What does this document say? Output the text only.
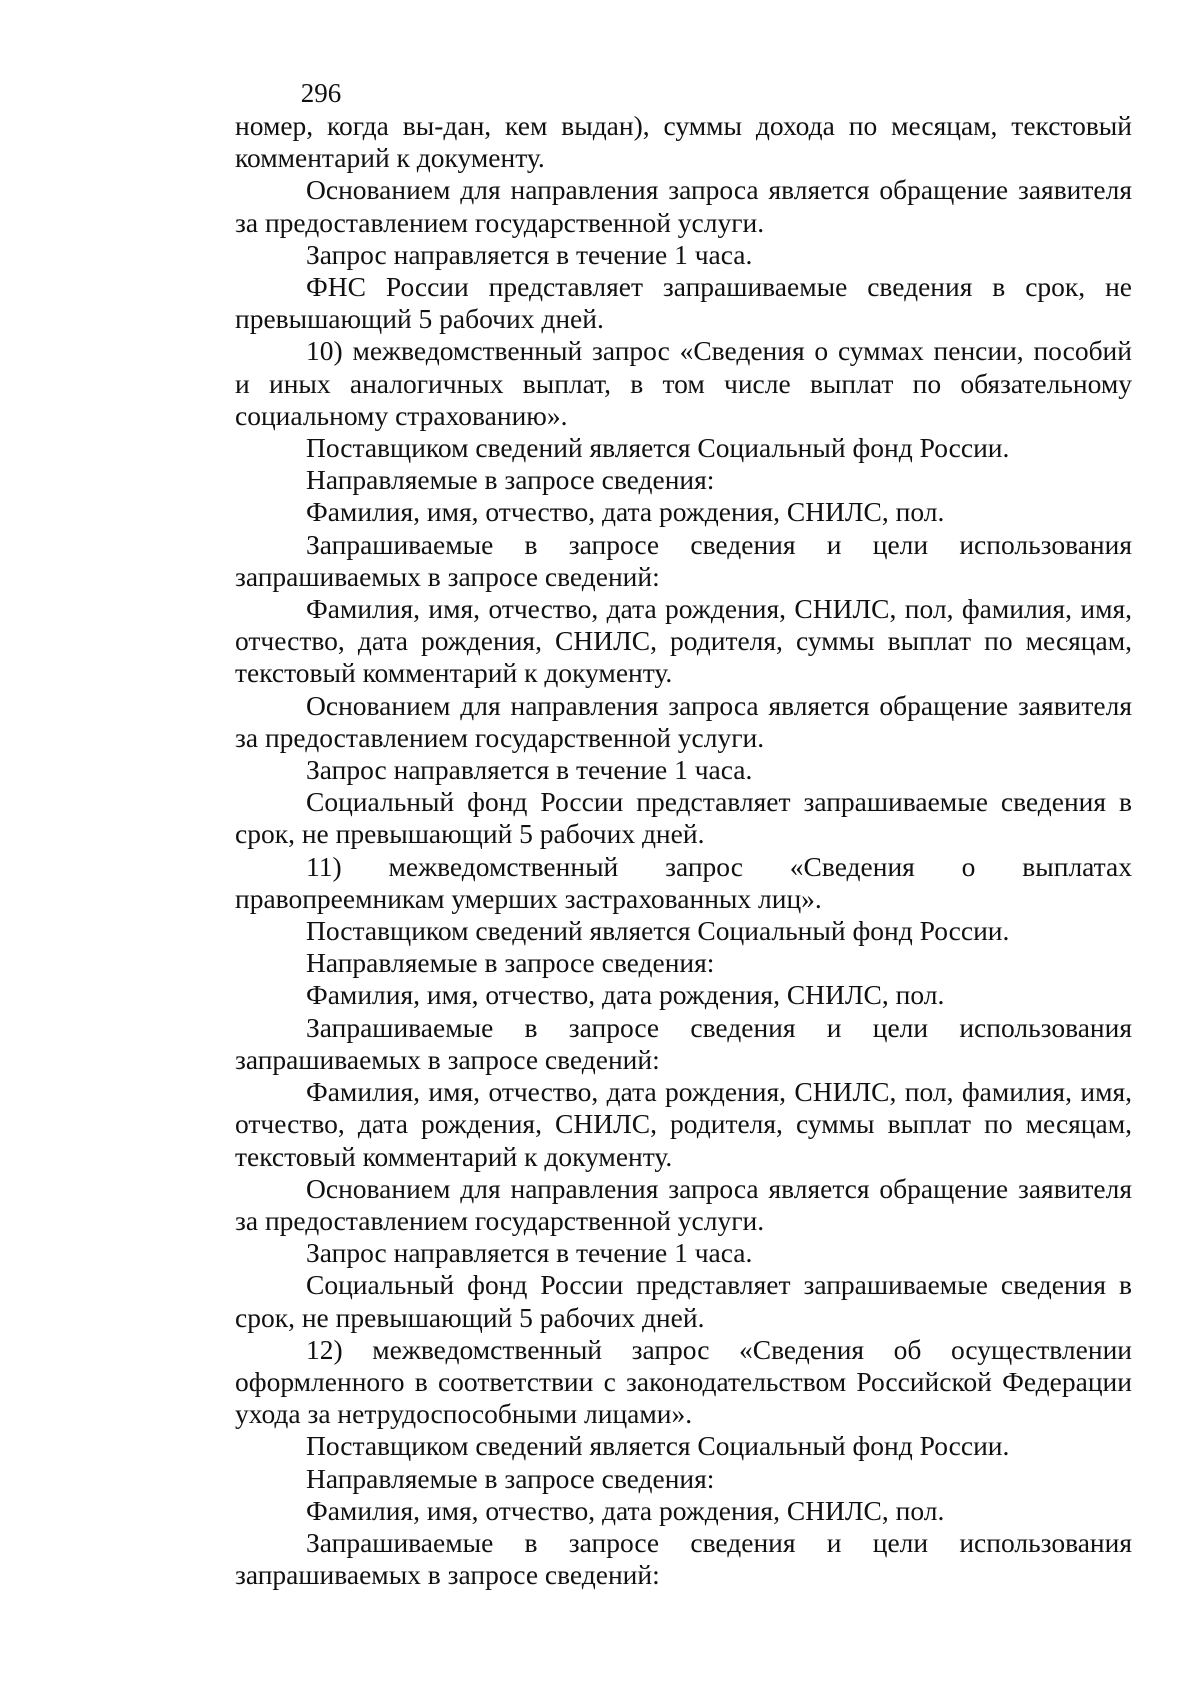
296

номер, когда вы-дан, кем выдан), суммы дохода по месяцам, текстовый комментарий к документу.

Основанием для направления запроса является обращение заявителя за предоставлением государственной услуги.

Запрос направляется в течение 1 часа.

ФНС России представляет запрашиваемые сведения в срок, не превышающий 5 рабочих дней.

10) межведомственный запрос «Сведения о суммах пенсии, пособий и иных аналогичных выплат, в том числе выплат по обязательному социальному страхованию».

Поставщиком сведений является Социальный фонд России.

Направляемые в запросе сведения:

Фамилия, имя, отчество, дата рождения, СНИЛС, пол.

Запрашиваемые в запросе сведения и цели использования запрашиваемых в запросе сведений:

Фамилия, имя, отчество, дата рождения, СНИЛС, пол, фамилия, имя, отчество, дата рождения, СНИЛС, родителя, суммы выплат по месяцам, текстовый комментарий к документу.

Основанием для направления запроса является обращение заявителя за предоставлением государственной услуги.

Запрос направляется в течение 1 часа.

Социальный фонд России представляет запрашиваемые сведения в срок, не превышающий 5 рабочих дней.

11) межведомственный запрос «Сведения о выплатах правопреемникам умерших застрахованных лиц».

Поставщиком сведений является Социальный фонд России.

Направляемые в запросе сведения:

Фамилия, имя, отчество, дата рождения, СНИЛС, пол.

Запрашиваемые в запросе сведения и цели использования запрашиваемых в запросе сведений:

Фамилия, имя, отчество, дата рождения, СНИЛС, пол, фамилия, имя, отчество, дата рождения, СНИЛС, родителя, суммы выплат по месяцам, текстовый комментарий к документу.

Основанием для направления запроса является обращение заявителя за предоставлением государственной услуги.

Запрос направляется в течение 1 часа.

Социальный фонд России представляет запрашиваемые сведения в срок, не превышающий 5 рабочих дней.

12) межведомственный запрос «Сведения об осуществлении оформленного в соответствии с законодательством Российской Федерации ухода за нетрудоспособными лицами».

Поставщиком сведений является Социальный фонд России.

Направляемые в запросе сведения:

Фамилия, имя, отчество, дата рождения, СНИЛС, пол.

Запрашиваемые в запросе сведения и цели использования запрашиваемых в запросе сведений:
